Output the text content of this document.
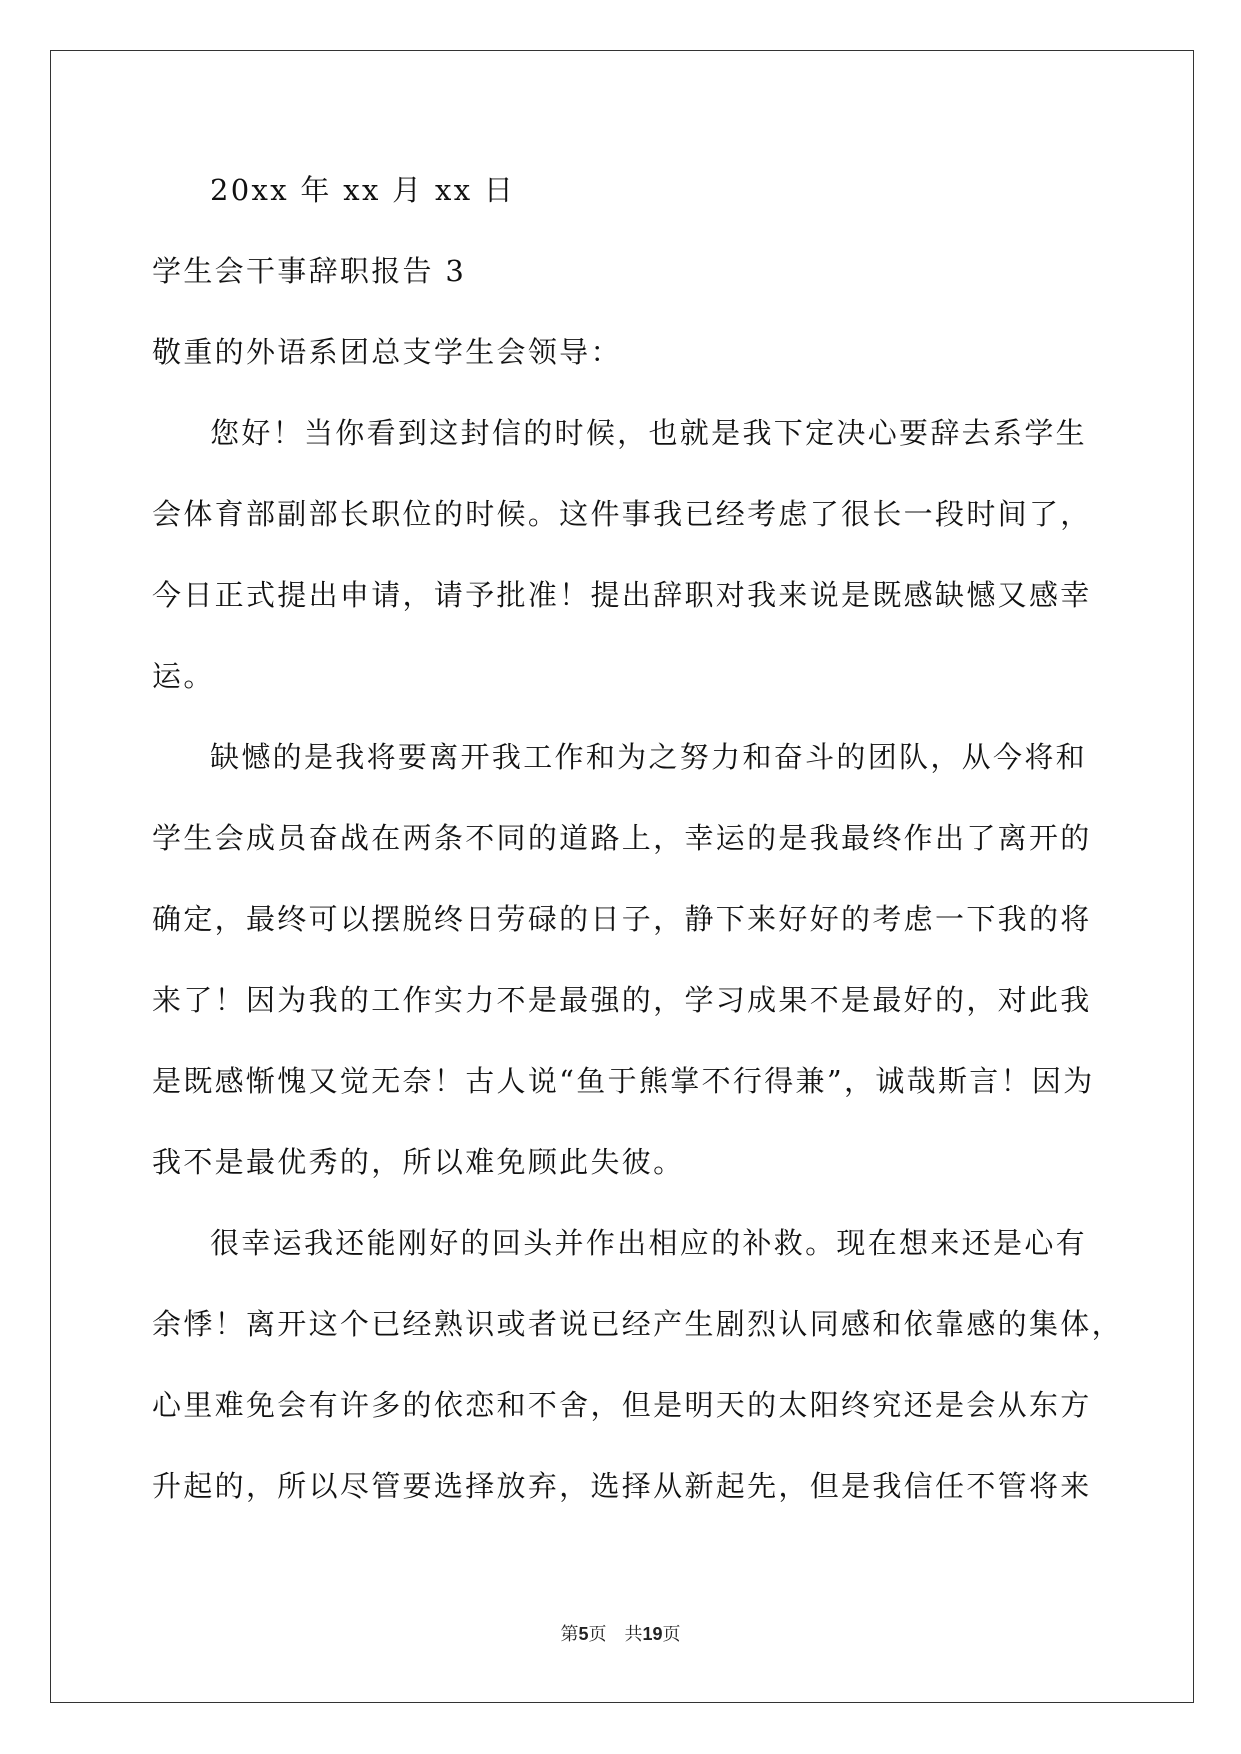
20xx 年 xx 月 xx 日
学生会干事辞职报告 3
敬重的外语系团总支学生会领导：
您好！当你看到这封信的时候，也就是我下定决心要辞去系学生
会体育部副部长职位的时候。这件事我已经考虑了很长一段时间了，
今日正式提出申请，请予批准！提出辞职对我来说是既感缺憾又感幸
运。
缺憾的是我将要离开我工作和为之努力和奋斗的团队，从今将和
学生会成员奋战在两条不同的道路上，幸运的是我最终作出了离开的
确定，最终可以摆脱终日劳碌的日子，静下来好好的考虑一下我的将
来了！因为我的工作实力不是最强的，学习成果不是最好的，对此我
是既感惭愧又觉无奈！古人说“鱼于熊掌不行得兼”，诚哉斯言！因为
我不是最优秀的，所以难免顾此失彼。
很幸运我还能刚好的回头并作出相应的补救。现在想来还是心有
余悸！离开这个已经熟识或者说已经产生剧烈认同感和依靠感的集体，
心里难免会有许多的依恋和不舍，但是明天的太阳终究还是会从东方
升起的，所以尽管要选择放弃，选择从新起先，但是我信任不管将来
第5页 共19页
